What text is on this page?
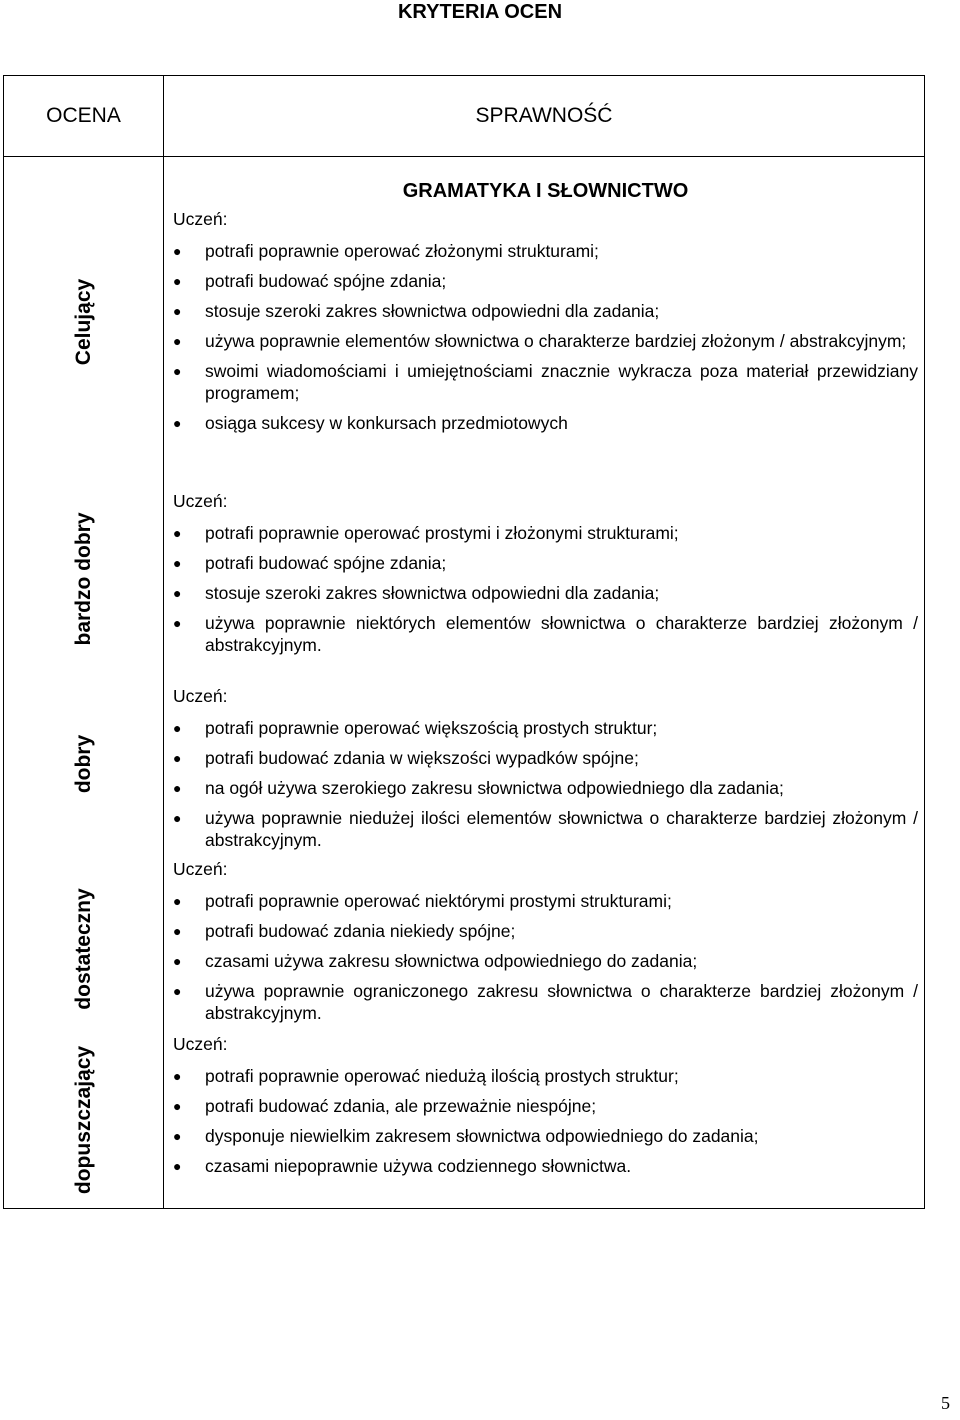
KRYTERIA OCEN
OCENA	SPRAWNOŚĆ
Celujący
bardzo dobry
dobry
dostateczny
dopuszczający
GRAMATYKA I SŁOWNICTWO
Uczeń:
● potrafi poprawnie operować złożonymi strukturami;
● potrafi budować spójne zdania;
● stosuje szeroki zakres słownictwa odpowiedni dla zadania;
● używa poprawnie elementów słownictwa o charakterze bardziej złożonym / abstrakcyjnym;
● swoimi wiadomościami i umiejętnościami znacznie wykracza poza materiał przewidziany programem;
● osiąga sukcesy w konkursach przedmiotowych
Uczeń:
● potrafi poprawnie operować prostymi i złożonymi strukturami;
● potrafi budować spójne zdania;
● stosuje szeroki zakres słownictwa odpowiedni dla zadania;
● używa poprawnie niektórych elementów słownictwa o charakterze bardziej złożonym / abstrakcyjnym.
Uczeń:
● potrafi poprawnie operować większością prostych struktur;
● potrafi budować zdania w większości wypadków spójne;
● na ogół używa szerokiego zakresu słownictwa odpowiedniego dla zadania;
● używa poprawnie niedużej ilości elementów słownictwa o charakterze bardziej złożonym / abstrakcyjnym.
Uczeń:
● potrafi poprawnie operować niektórymi prostymi strukturami;
● potrafi budować zdania niekiedy spójne;
● czasami używa zakresu słownictwa odpowiedniego do zadania;
● używa poprawnie ograniczonego zakresu słownictwa o charakterze bardziej złożonym / abstrakcyjnym.
Uczeń:
● potrafi poprawnie operować niedużą ilością prostych struktur;
● potrafi budować zdania, ale przeważnie niespójne;
● dysponuje niewielkim zakresem słownictwa odpowiedniego do zadania;
● czasami niepoprawnie używa codziennego słownictwa.
5
